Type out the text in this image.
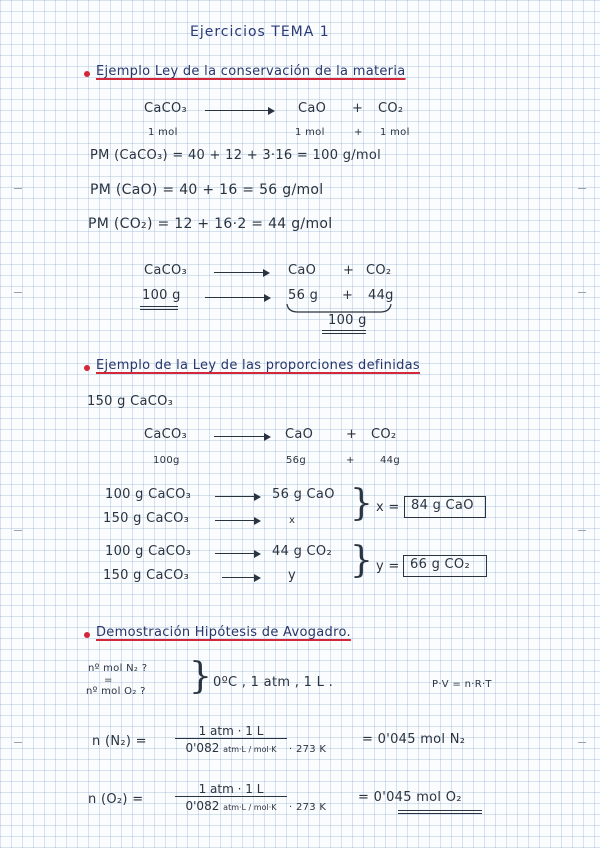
Ejercicios TEMA 1
Ejemplo Ley de la conservación de la materia
CaCO₃	CaO + CO₂
1 mol	1 mol	+ 1 mol
PM (CaCO₃) = 40 + 12 + 3·16 = 100 g/mol
PM (CaO) = 40 + 16 = 56 g/mol
PM (CO₂) = 12 + 16·2 = 44 g/mol
CaCO₃	CaO + CO₂
100 g	56 g + 44g
100 g
Ejemplo de la Ley de las proporciones definidas
150 g CaCO₃
CaCO₃	CaO	+ CO₂
100g	56g	+	44g
100 g CaCO₃	56 g CaO
150 g CaCO₃	x } x = 84 g CaO
100 g CaCO₃	44 g CO₂
150 g CaCO₃	y } y = 66 g CO₂
Demostración Hipótesis de Avogadro.
nº mol N₂ ?
=
nº mol O₂ ? } 0ºC , 1 atm , 1 L .	P·V = n·R·T
n (N₂) =
1 atm · 1 L
0'082 atm·L / mol·K	· 273 K
= 0'045 mol N₂
n (O₂) =
1 atm · 1 L
0'082 atm·L / mol·K	· 273 K
= 0'045 mol O₂
